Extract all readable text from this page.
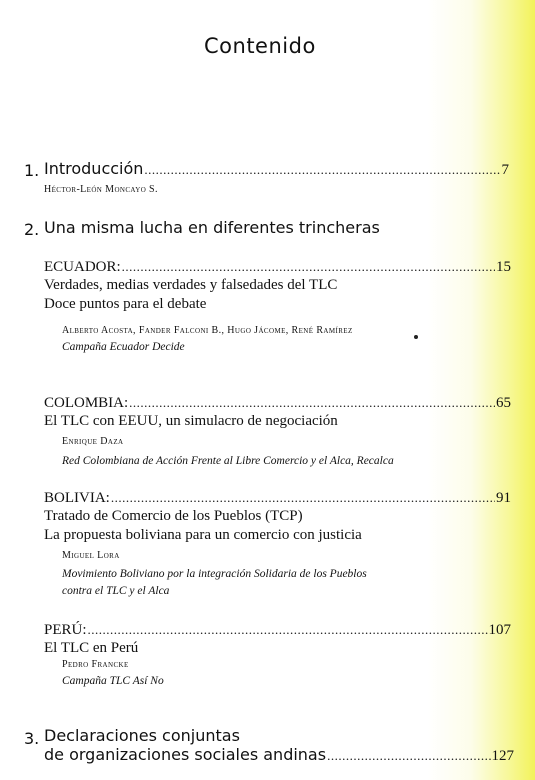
Contenido
1. Introducción .....	7
Héctor-León Moncayo S.
2. Una misma lucha en diferentes trincheras
ECUADOR: .....	15
Verdades, medias verdades y falsedades del TLC
Doce puntos para el debate
Alberto Acosta, Fander Falconi B., Hugo Jácome, René Ramírez
Campaña Ecuador Decide
COLOMBIA: .....	65
El TLC con EEUU, un simulacro de negociación
Enrique Daza
Red Colombiana de Acción Frente al Libre Comercio y el Alca, Recalca
BOLIVIA: .....	91
Tratado de Comercio de los Pueblos (TCP)
La propuesta boliviana para un comercio con justicia
Miguel Lora
Movimiento Boliviano por la integración Solidaria de los Pueblos
contra el TLC y el Alca
PERÚ: .....	107
El TLC en Perú
Pedro Francke
Campaña TLC Así No
3. Declaraciones conjuntas
de organizaciones sociales andinas .....	127
